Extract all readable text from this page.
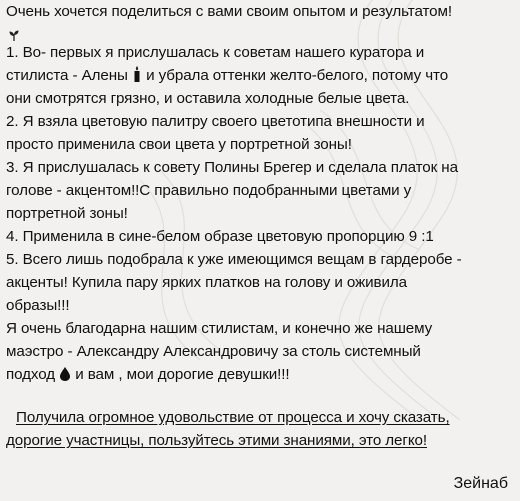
Очень хочется поделиться с вами своим опытом и результатом!
1. Во- первых я прислушалась к советам нашего куратора и
стилиста - Алены и убрала оттенки желто-белого, потому что
они смотрятся грязно, и оставила холодные белые цвета.
2. Я взяла цветовую палитру своего цветотипа внешности и
просто применила свои цвета у портретной зоны!
3. Я прислушалась к совету Полины Брегер и сделала платок на
голове - акцентом!!С правильно подобранными цветами у
портретной зоны!
4. Применила в сине-белом образе цветовую пропорцию 9 :1
5. Всего лишь подобрала к уже имеющимся вещам в гардеробе -
акценты! Купила пару ярких платков на голову и оживила
образы!!!
Я очень благодарна нашим стилистам, и конечно же нашему
маэстро - Александру Александровичу за столь системный
подход и вам , мои дорогие девушки!!!
Получила огромное удовольствие от процесса и хочу сказать,
дорогие участницы, пользуйтесь этими знаниями, это легко!
Зейнаб
